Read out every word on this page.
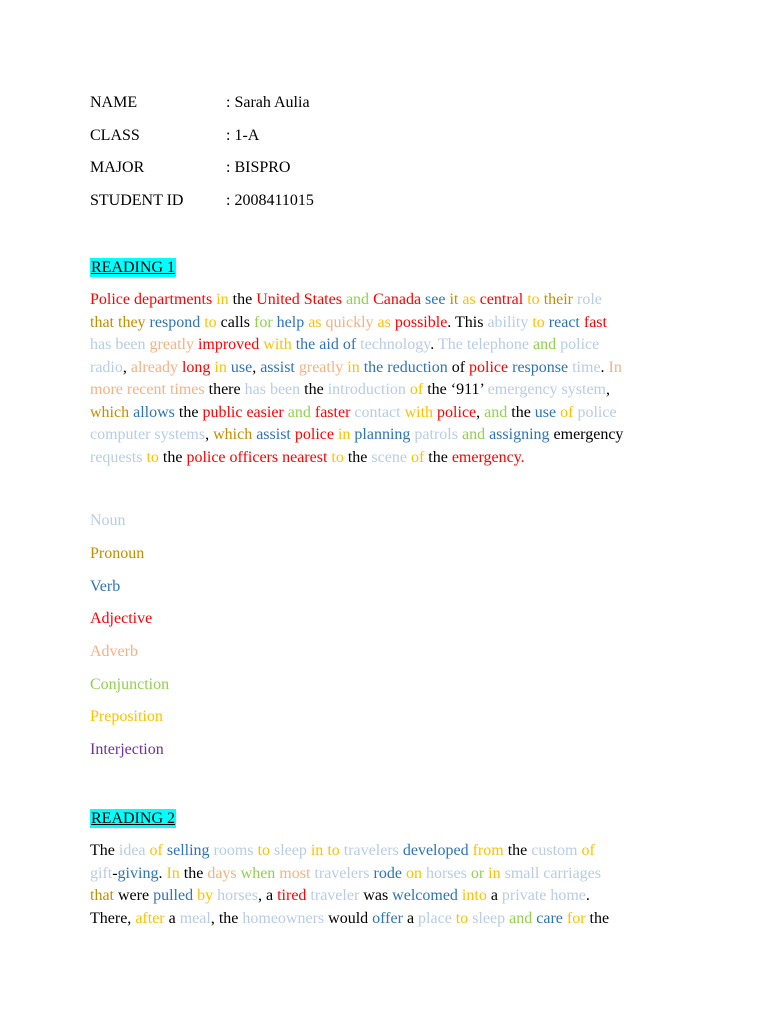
NAME	: Sarah Aulia
CLASS	: 1-A
MAJOR	: BISPRO
STUDENT ID	: 2008411015
READING 1
Police departments in the United States and Canada see it as central to their role
that they respond to calls for help as quickly as possible. This ability to react fast
has been greatly improved with the aid of technology. The telephone and police
radio, already long in use, assist greatly in the reduction of police response time. In
more recent times there has been the introduction of the ‘911’ emergency system,
which allows the public easier and faster contact with police, and the use of police
computer systems, which assist police in planning patrols and assigning emergency
requests to the police officers nearest to the scene of the emergency.
Noun
Pronoun
Verb
Adjective
Adverb
Conjunction
Preposition
Interjection
READING 2
The idea of selling rooms to sleep in to travelers developed from the custom of
gift-giving. In the days when most travelers rode on horses or in small carriages
that were pulled by horses, a tired traveler was welcomed into a private home.
There, after a meal, the homeowners would offer a place to sleep and care for the
